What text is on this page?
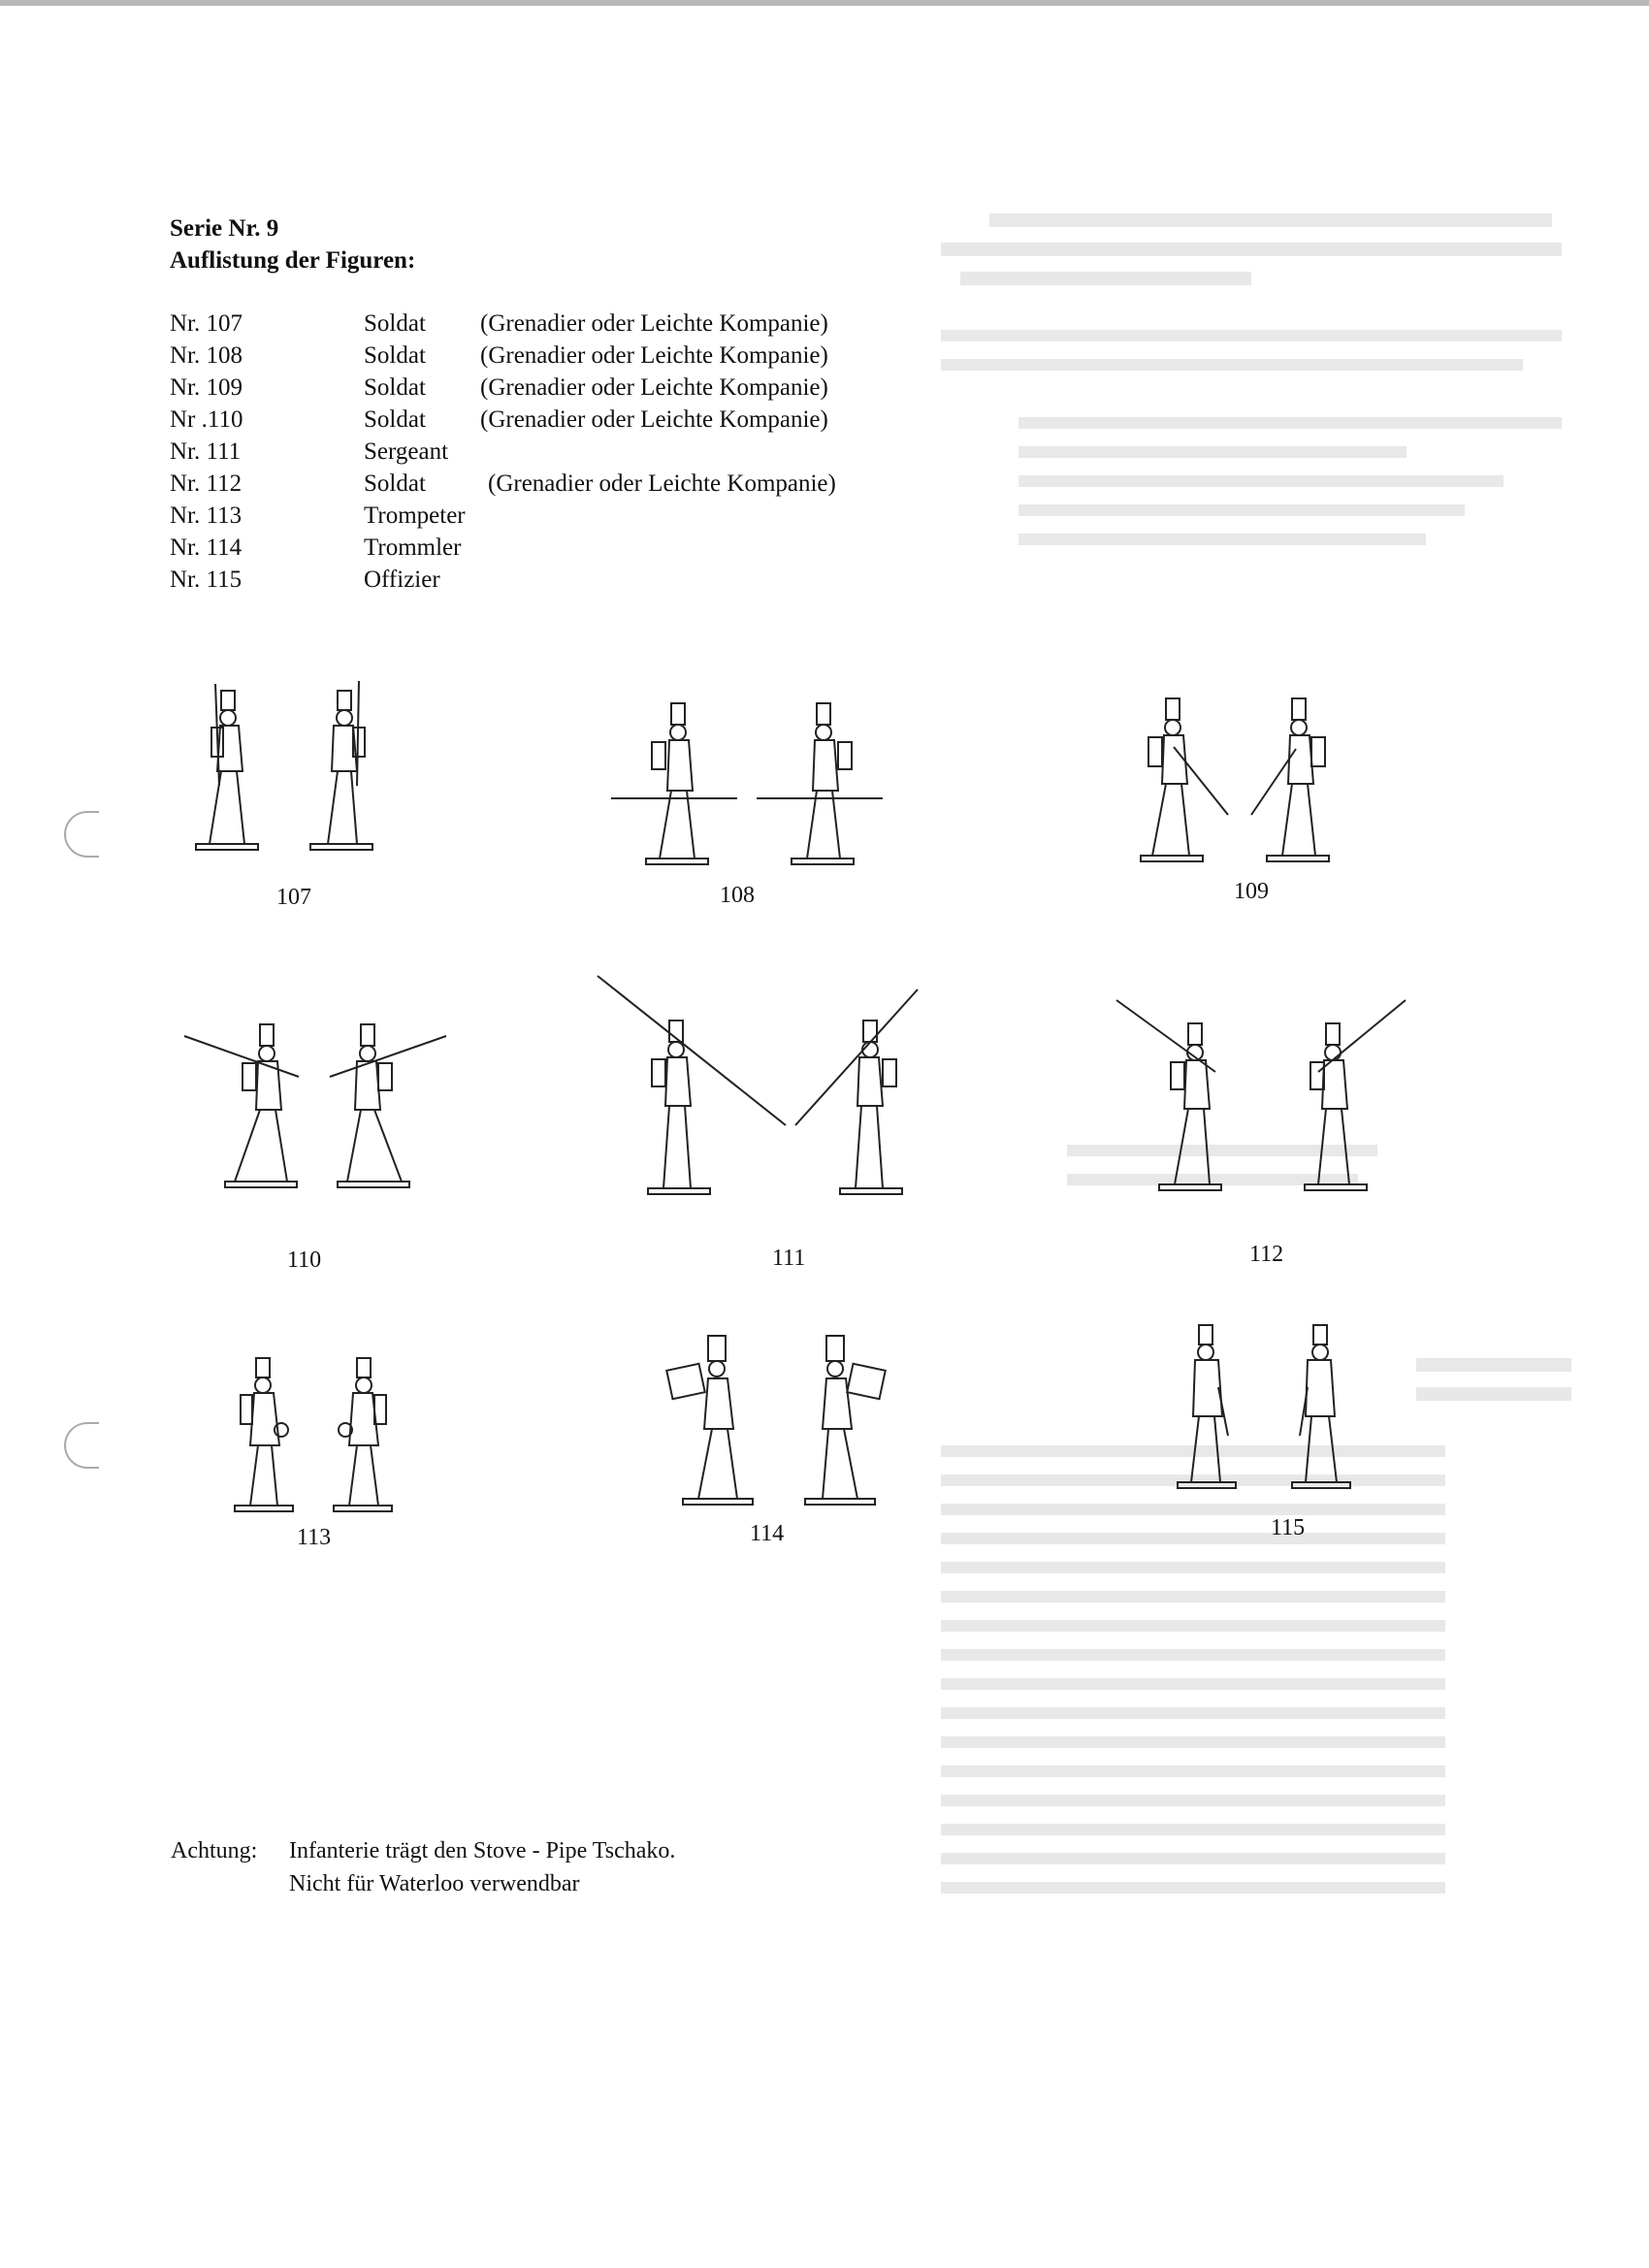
Serie Nr. 9
Auflistung der Figuren:
Nr. 107	Soldat (Grenadier oder Leichte Kompanie)
Nr. 108	Soldat (Grenadier oder Leichte Kompanie)
Nr. 109	Soldat (Grenadier oder Leichte Kompanie)
Nr .110	Soldat (Grenadier oder Leichte Kompanie)
Nr. 111	Sergeant
Nr. 112	Soldat	(Grenadier oder Leichte Kompanie)
Nr. 113	Trompeter
Nr. 114	Trommler
Nr. 115	Offizier
107	108	109
110	111	112
113	114	115
Achtung: Infanterie trägt den Stove - Pipe Tschako.
Nicht für Waterloo verwendbar
